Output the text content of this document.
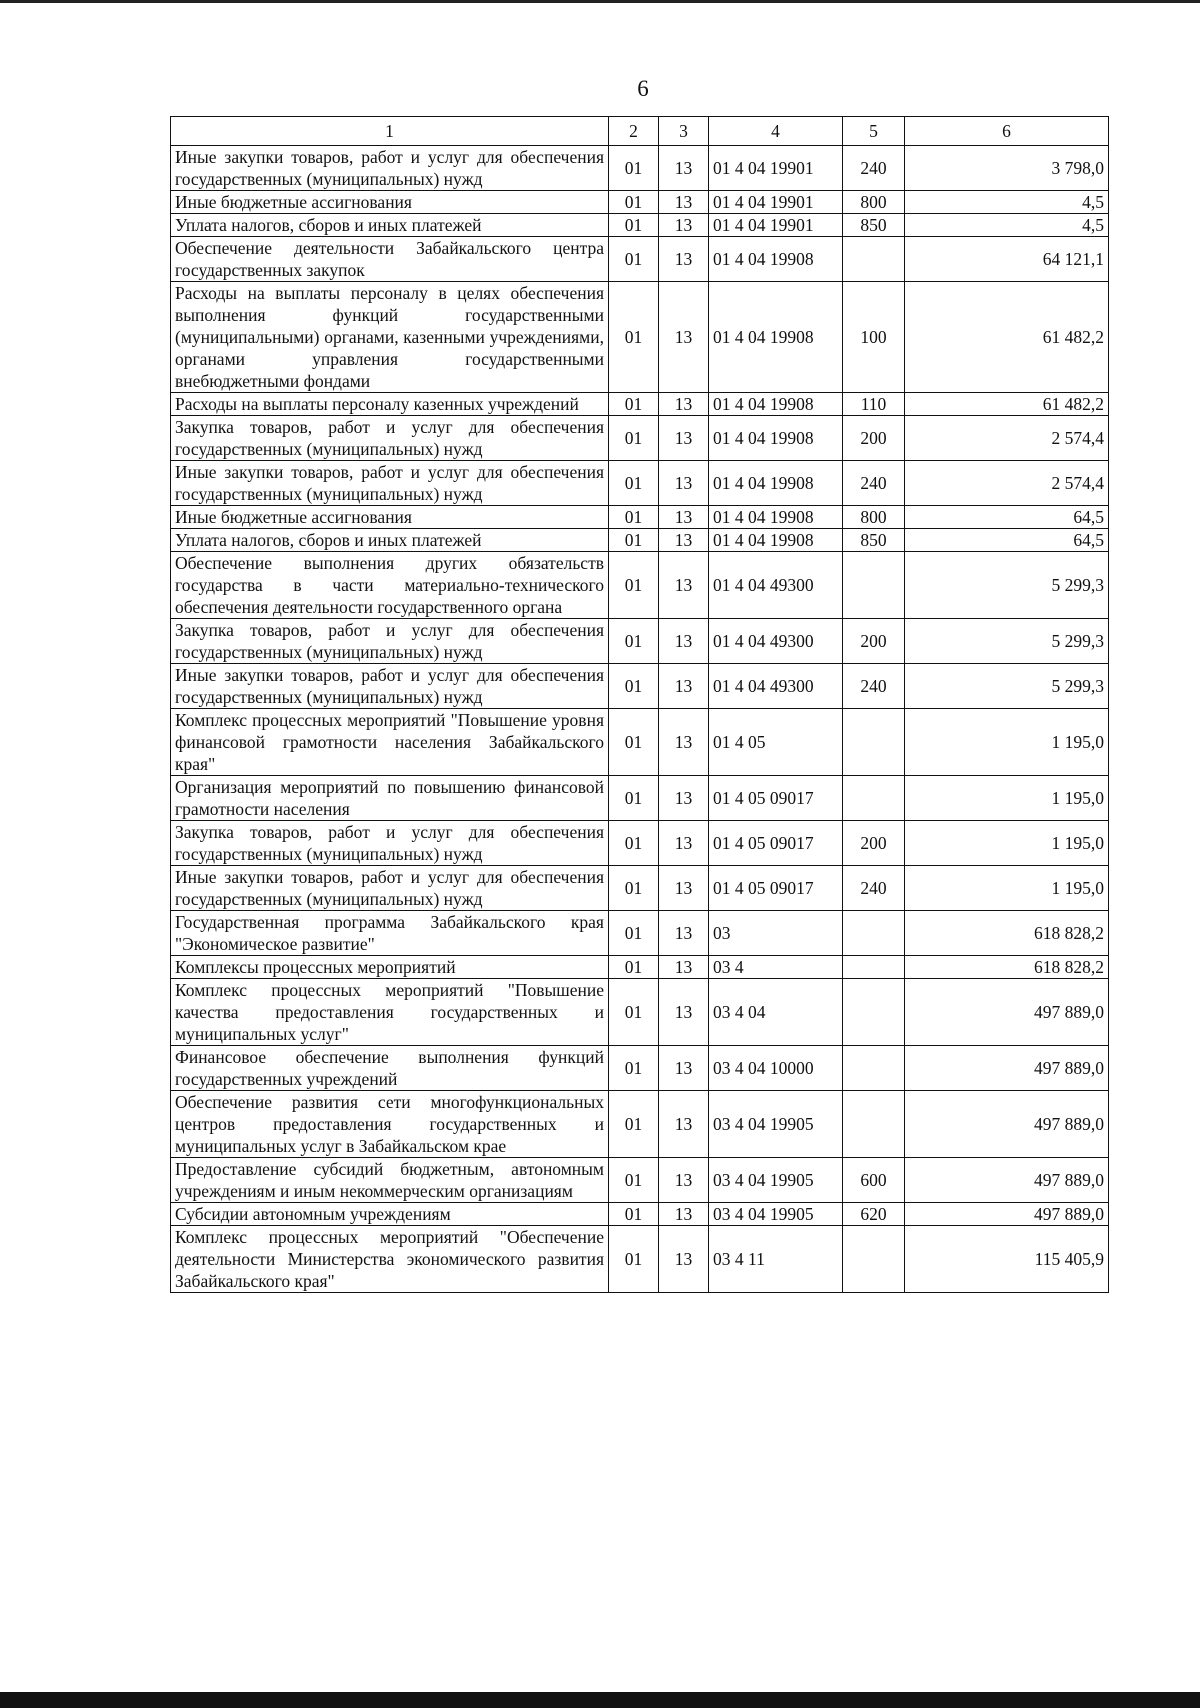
6
1	2	3	4	5	6
Иные закупки товаров, работ и услуг для обеспечения государственных (муниципальных) нужд	01	13	01 4 04 19901	240	3 798,0
Иные бюджетные ассигнования	01	13	01 4 04 19901	800	4,5
Уплата налогов, сборов и иных платежей	01	13	01 4 04 19901	850	4,5
Обеспечение деятельности Забайкальского центра государственных закупок	01	13	01 4 04 19908		64 121,1
Расходы на выплаты персоналу в целях обеспечения выполнения функций государственными (муниципальными) органами, казенными учреждениями, органами управления государственными внебюджетными фондами	01	13	01 4 04 19908	100	61 482,2
Расходы на выплаты персоналу казенных учреждений	01	13	01 4 04 19908	110	61 482,2
Закупка товаров, работ и услуг для обеспечения государственных (муниципальных) нужд	01	13	01 4 04 19908	200	2 574,4
Иные закупки товаров, работ и услуг для обеспечения государственных (муниципальных) нужд	01	13	01 4 04 19908	240	2 574,4
Иные бюджетные ассигнования	01	13	01 4 04 19908	800	64,5
Уплата налогов, сборов и иных платежей	01	13	01 4 04 19908	850	64,5
Обеспечение выполнения других обязательств государства в части материально-технического обеспечения деятельности государственного органа	01	13	01 4 04 49300		5 299,3
Закупка товаров, работ и услуг для обеспечения государственных (муниципальных) нужд	01	13	01 4 04 49300	200	5 299,3
Иные закупки товаров, работ и услуг для обеспечения государственных (муниципальных) нужд	01	13	01 4 04 49300	240	5 299,3
Комплекс процессных мероприятий "Повышение уровня финансовой грамотности населения Забайкальского края"	01	13	01 4 05		1 195,0
Организация мероприятий по повышению финансовой грамотности населения	01	13	01 4 05 09017		1 195,0
Закупка товаров, работ и услуг для обеспечения государственных (муниципальных) нужд	01	13	01 4 05 09017	200	1 195,0
Иные закупки товаров, работ и услуг для обеспечения государственных (муниципальных) нужд	01	13	01 4 05 09017	240	1 195,0
Государственная программа Забайкальского края "Экономическое развитие"	01	13	03		618 828,2
Комплексы процессных мероприятий	01	13	03 4		618 828,2
Комплекс процессных мероприятий "Повышение качества предоставления государственных и муниципальных услуг"	01	13	03 4 04		497 889,0
Финансовое обеспечение выполнения функций государственных учреждений	01	13	03 4 04 10000		497 889,0
Обеспечение развития сети многофункциональных центров предоставления государственных и муниципальных услуг в Забайкальском крае	01	13	03 4 04 19905		497 889,0
Предоставление субсидий бюджетным, автономным учреждениям и иным некоммерческим организациям	01	13	03 4 04 19905	600	497 889,0
Субсидии автономным учреждениям	01	13	03 4 04 19905	620	497 889,0
Комплекс процессных мероприятий "Обеспечение деятельности Министерства экономического развития Забайкальского края"	01	13	03 4 11		115 405,9
